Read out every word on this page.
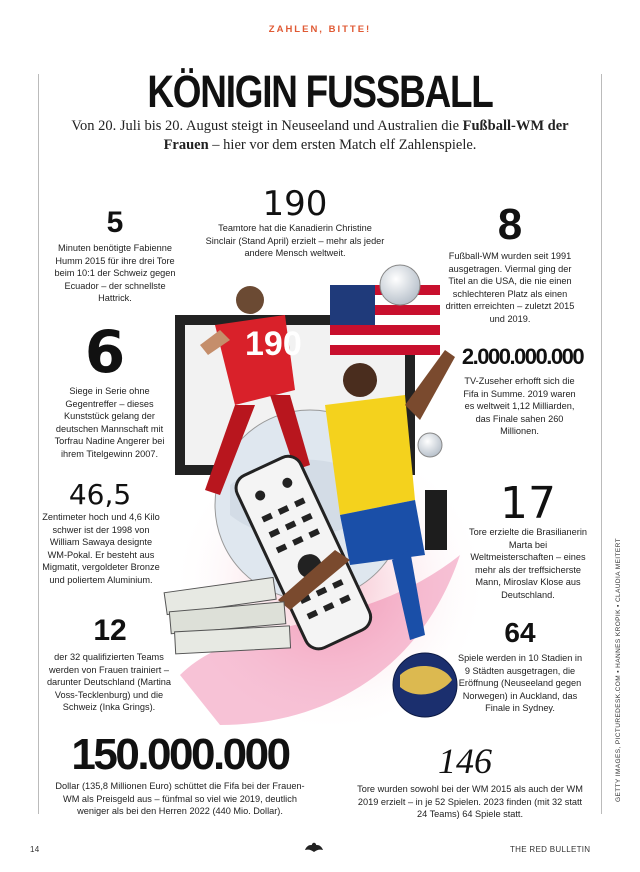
ZAHLEN, BITTE!
KÖNIGIN FUSSBALL
Von 20. Juli bis 20. August steigt in Neuseeland und Australien die Fußball-WM der Frauen – hier vor dem ersten Match elf Zahlenspiele.
190
5
Minuten benötigte Fabienne Humm 2015 für ihre drei Tore beim 10:1 der Schweiz gegen Ecuador – der schnellste Hattrick.
190
Teamtore hat die Kanadierin Christine Sinclair (Stand April) erzielt – mehr als jeder andere Mensch weltweit.
8
Fußball-WM wurden seit 1991 ausgetragen. Viermal ging der Titel an die USA, die nie einen schlechteren Platz als einen dritten erreichten – zuletzt 2015 und 2019.
6
Siege in Serie ohne Gegentreffer – dieses Kunststück gelang der deutschen Mannschaft mit Torfrau Nadine Angerer bei ihrem Titelgewinn 2007.
2.000.000.000
TV-Zuseher erhofft sich die Fifa in Summe. 2019 waren es weltweit 1,12 Milliarden, das Finale sahen 260 Millionen.
46,5
Zentimeter hoch und 4,6 Kilo schwer ist der 1998 von William Sawaya designte WM-Pokal. Er besteht aus Migmatit, vergoldeter Bronze und poliertem Aluminium.
17
Tore erzielte die Brasilianerin Marta bei Weltmeisterschaften – eines mehr als der treffsicherste Mann, Miroslav Klose aus Deutschland.
12
der 32 qualifizierten Teams werden von Frauen trainiert – darunter Deutschland (Martina Voss-Tecklenburg) und die Schweiz (Inka Grings).
64
Spiele werden in 10 Stadien in 9 Städten ausgetragen, die Eröffnung (Neuseeland gegen Norwegen) in Auckland, das Finale in Sydney.
150.000.000
Dollar (135,8 Millionen Euro) schüttet die Fifa bei der Frauen-WM als Preisgeld aus – fünfmal so viel wie 2019, deutlich weniger als bei den Herren 2022 (440 Mio. Dollar).
146
Tore wurden sowohl bei der WM 2015 als auch der WM 2019 erzielt – in je 52 Spielen. 2023 finden (mit 32 statt 24 Teams) 64 Spiele statt.
14	THE RED BULLETIN
GETTY IMAGES, PICTUREDESK.COM ▪ HANNES KROPIK ▪ CLAUDIA MEITERT
